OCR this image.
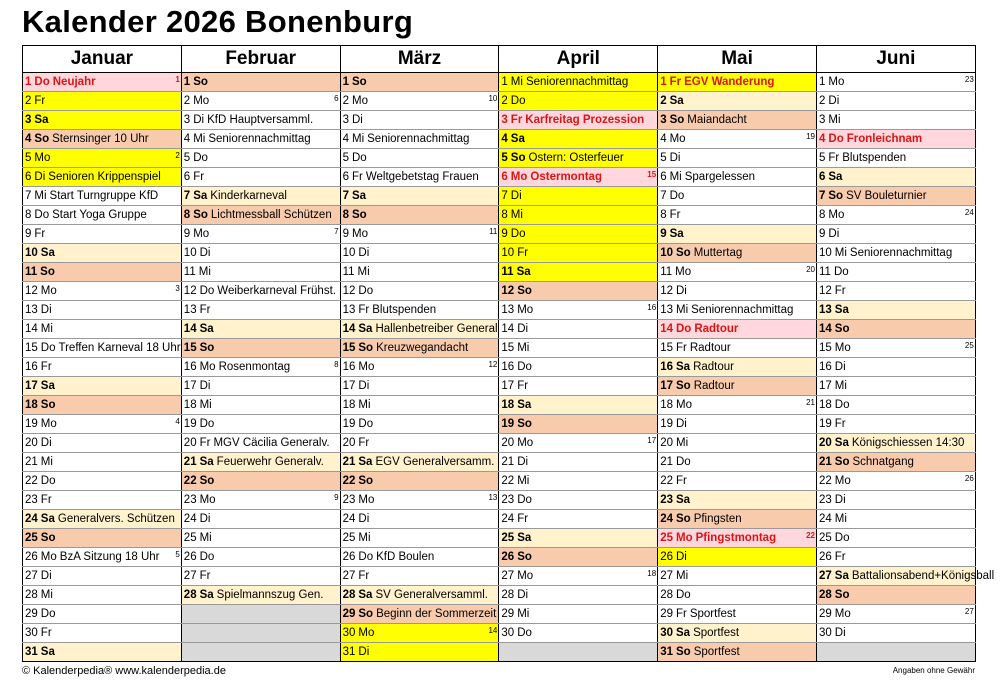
Kalender 2026 Bonenburg
Januar	Februar	März	April	Mai	Juni
1 Do Neujahr 1	1 So	1 So	1 Mi Seniorennachmittag	1 Fr EGV Wanderung	1 Mo 23

2 Fr	2 Mo 6	2 Mo 10	2 Do	2 Sa	2 Di
3 Sa	3 Di KfD Hauptversamml.	3 Di	3 Fr Karfreitag Prozession	3 So Maiandacht	3 Mi
4 So Sternsinger 10 Uhr	4 Mi Seniorennachmittag	4 Mi Seniorennachmittag	4 Sa	4 Mo 19	4 Do Fronleichnam
5 Mo 2	5 Do	5 Do	5 So Ostern: Osterfeuer	5 Di	5 Fr Blutspenden
6 Di Senioren Krippenspiel	6 Fr	6 Fr Weltgebetstag Frauen	6 Mo Ostermontag 15	6 Mi Spargelessen	6 Sa
7 Mi Start Turngruppe KfD	7 Sa Kinderkarneval	7 Sa	7 Di	7 Do	7 So SV Bouleturnier
8 Do Start Yoga Gruppe	8 So Lichtmessball Schützen	8 So	8 Mi	8 Fr	8 Mo 24

9 Fr	9 Mo 7	9 Mo 11	9 Do	9 Sa	9 Di
10 Sa	10 Di	10 Di	10 Fr	10 So Muttertag	10 Mi Seniorennachmittag
11 So	11 Mi	11 Mi	11 Sa	11 Mo 20	11 Do
12 Mo 3	12 Do Weiberkarneval Frühst.	12 Do	12 So	12 Di	12 Fr
13 Di	13 Fr	13 Fr Blutspenden	13 Mo 16	13 Mi Seniorennachmittag	13 Sa
14 Mi	14 Sa	14 Sa Hallenbetreiber General	14 Di	14 Do Radtour	14 So
15 Do Treffen Karneval 18 Uhr	15 So	15 So Kreuzwegandacht	15 Mi	15 Fr Radtour	15 Mo 25

16 Fr	16 Mo Rosenmontag 8	16 Mo 12	16 Do	16 Sa Radtour	16 Di
17 Sa	17 Di	17 Di	17 Fr	17 So Radtour	17 Mi
18 So	18 Mi	18 Mi	18 Sa	18 Mo 21	18 Do
19 Mo 4	19 Do	19 Do	19 So	19 Di	19 Fr
20 Di	20 Fr MGV Cäcilia Generalv.	20 Fr	20 Mo 17	20 Mi	20 Sa Königschiessen 14:30
21 Mi	21 Sa Feuerwehr Generalv.	21 Sa EGV Generalversamm.	21 Di	21 Do	21 So Schnatgang
22 Do	22 So	22 So	22 Mi	22 Fr	22 Mo 26

23 Fr	23 Mo 9	23 Mo 13	23 Do	23 Sa	23 Di
24 Sa Generalvers. Schützen	24 Di	24 Di	24 Fr	24 So Pfingsten	24 Mi
25 So	25 Mi	25 Mi	25 Sa	25 Mo Pfingstmontag 22	25 Do
26 Mo BzA Sitzung 18 Uhr 5	26 Do	26 Do KfD Boulen	26 So	26 Di	26 Fr
27 Di	27 Fr	27 Fr	27 Mo 18	27 Mi	27 Sa Battalionsabend+Königsball
28 Mi	28 Sa Spielmannszug Gen.	28 Sa SV Generalversamml.	28 Di	28 Do	28 So
29 Do		29 So Beginn der Sommerzeit	29 Mi	29 Fr Sportfest	29 Mo 27

30 Fr		30 Mo 14	30 Do	30 Sa Sportfest	30 Di
31 Sa		31 Di		31 So Sportfest	
© Kalenderpedia® www.kalenderpedia.de	Angaben ohne Gewähr
